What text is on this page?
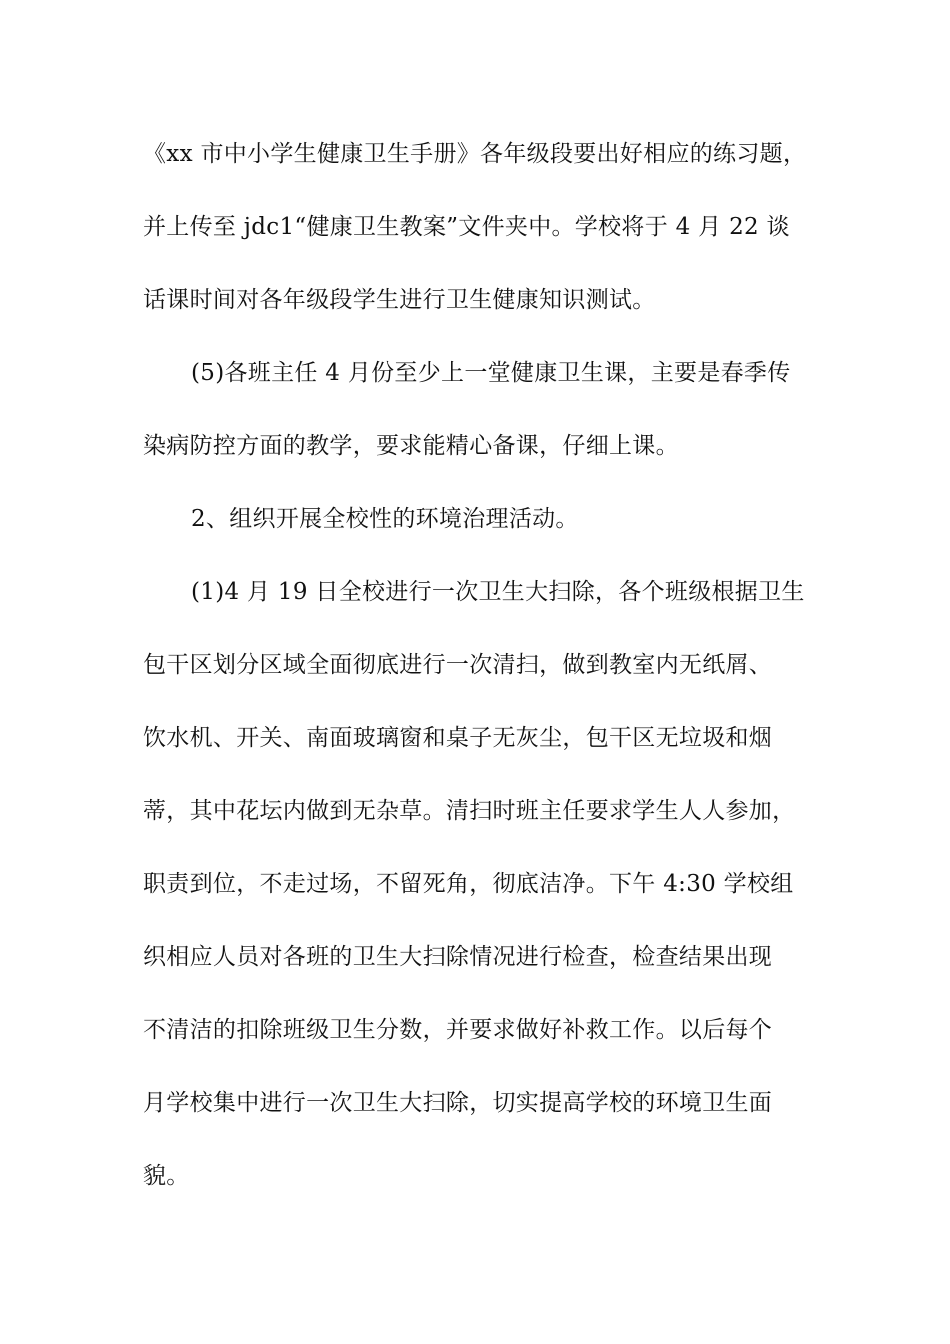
《xx 市中小学生健康卫生手册》各年级段要出好相应的练习题，
并上传至 jdc1“健康卫生教案”文件夹中。学校将于 4 月 22 谈
话课时间对各年级段学生进行卫生健康知识测试。
(5)各班主任 4 月份至少上一堂健康卫生课，主要是春季传
染病防控方面的教学，要求能精心备课，仔细上课。
2、组织开展全校性的环境治理活动。
(1)4 月 19 日全校进行一次卫生大扫除，各个班级根据卫生
包干区划分区域全面彻底进行一次清扫，做到教室内无纸屑、
饮水机、开关、南面玻璃窗和桌子无灰尘，包干区无垃圾和烟
蒂，其中花坛内做到无杂草。清扫时班主任要求学生人人参加，
职责到位，不走过场，不留死角，彻底洁净。下午 4:30 学校组
织相应人员对各班的卫生大扫除情况进行检查，检查结果出现
不清洁的扣除班级卫生分数，并要求做好补救工作。以后每个
月学校集中进行一次卫生大扫除，切实提高学校的环境卫生面
貌。
